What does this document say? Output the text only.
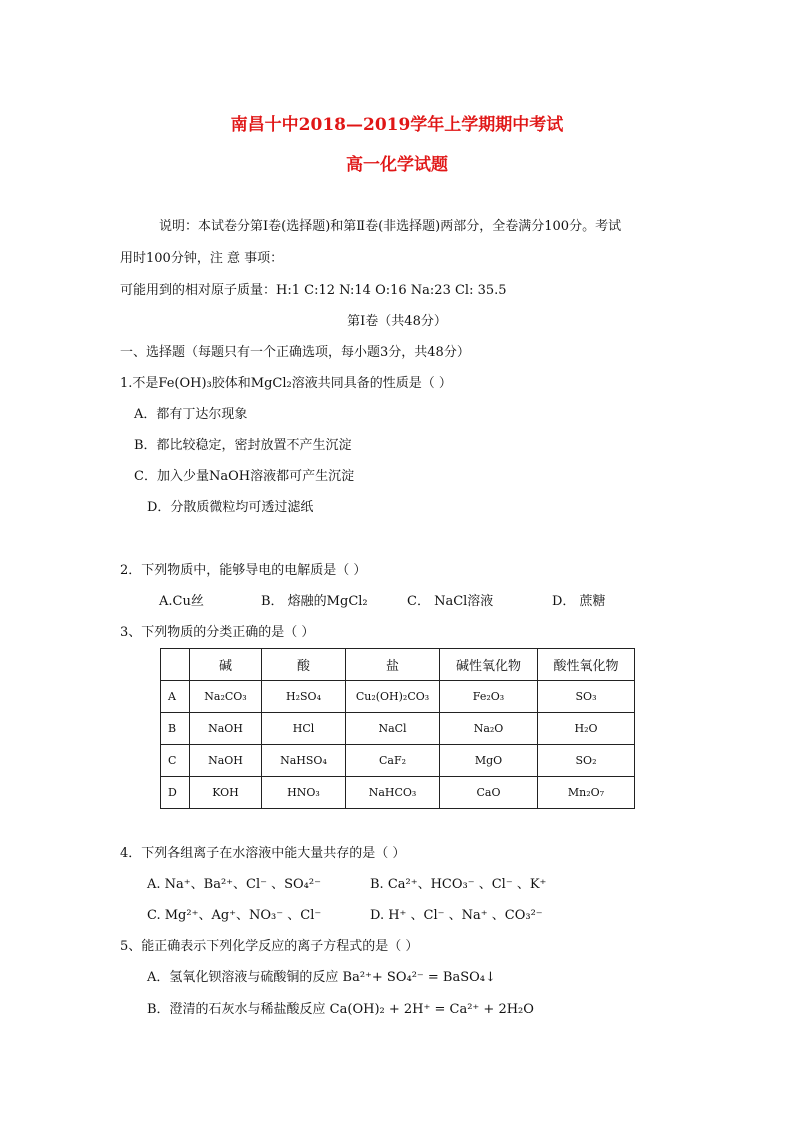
南昌十中2018—2019学年上学期期中考试
高一化学试题
说明：本试卷分第Ⅰ卷(选择题)和第Ⅱ卷(非选择题)两部分，全卷满分100分。考试
用时100分钟，注 意 事项：
可能用到的相对原子质量：H:1 C:12 N:14 O:16 Na:23 Cl: 35.5
第Ⅰ卷（共48分）
一、选择题（每题只有一个正确选项，每小题3分，共48分）
1.不是Fe(OH)₃胶体和MgCl₂溶液共同具备的性质是（ ）
A．都有丁达尔现象
B．都比较稳定，密封放置不产生沉淀
C．加入少量NaOH溶液都可产生沉淀
D．分散质微粒均可透过滤纸
2．下列物质中，能够导电的电解质是（ ）
A.Cu丝	B． 熔融的MgCl₂	C． NaCl溶液	D． 蔗糖
3、下列物质的分类正确的是（ ）
	碱	酸	盐	碱性氧化物	酸性氧化物
A	Na₂CO₃	H₂SO₄	Cu₂(OH)₂CO₃	Fe₂O₃	SO₃
B	NaOH	HCl	NaCl	Na₂O	H₂O
C	NaOH	NaHSO₄	CaF₂	MgO	SO₂
D	KOH	HNO₃	NaHCO₃	CaO	Mn₂O₇
4．下列各组离子在水溶液中能大量共存的是（ ）
A. Na⁺、Ba²⁺、Cl⁻ 、SO₄²⁻	B. Ca²⁺、HCO₃⁻ 、Cl⁻ 、K⁺
C. Mg²⁺、Ag⁺、NO₃⁻ 、Cl⁻	D. H⁺ 、Cl⁻ 、Na⁺ 、CO₃²⁻
5、能正确表示下列化学反应的离子方程式的是（ ）
A．氢氧化钡溶液与硫酸铜的反应 Ba²⁺+ SO₄²⁻ = BaSO₄↓
B．澄清的石灰水与稀盐酸反应 Ca(OH)₂ + 2H⁺ = Ca²⁺ + 2H₂O
